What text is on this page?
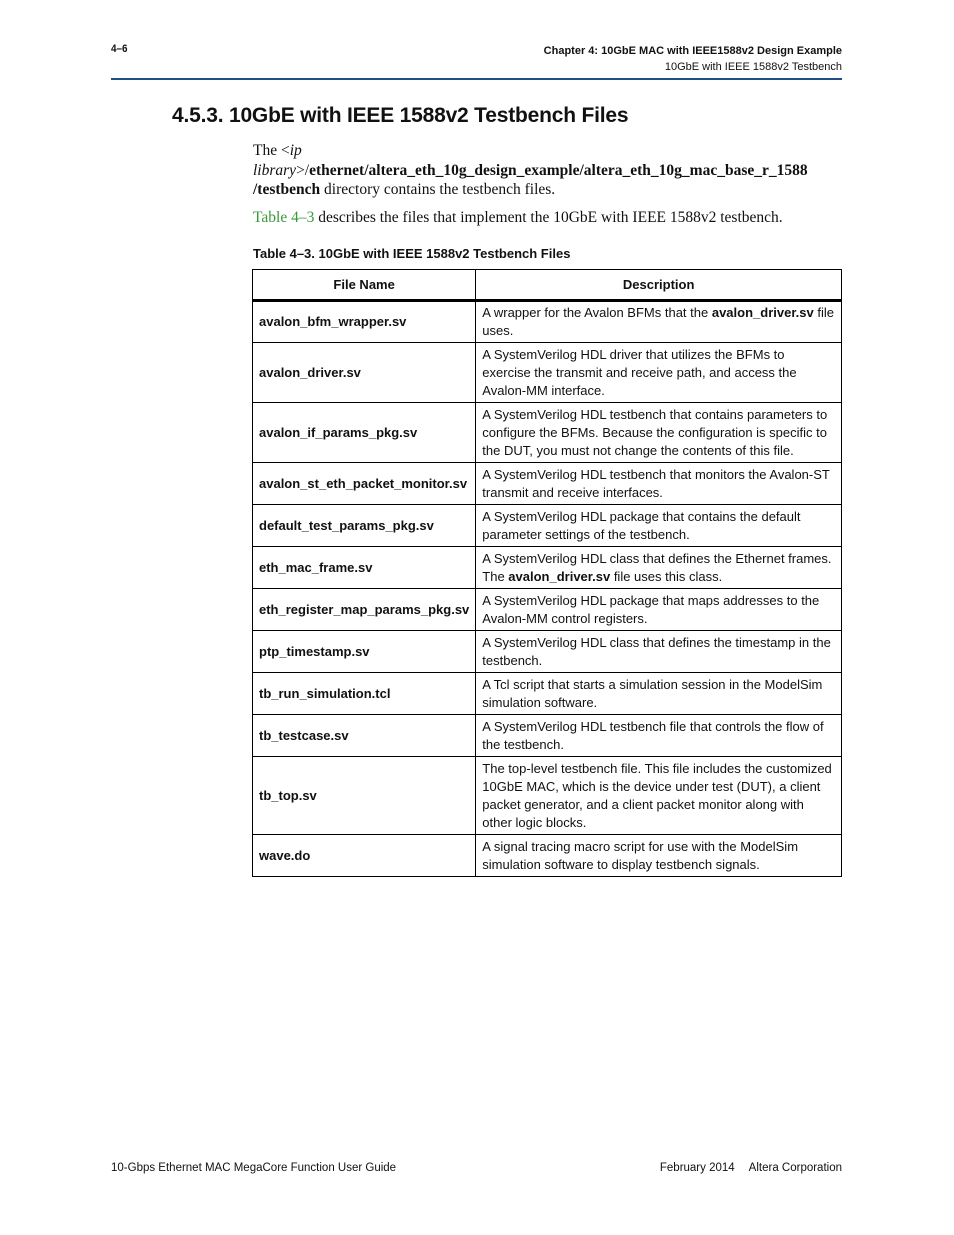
4–6	Chapter 4: 10GbE MAC with IEEE1588v2 Design Example
10GbE with IEEE 1588v2 Testbench
4.5.3. 10GbE with IEEE 1588v2 Testbench Files
The <ip library>/ethernet/altera_eth_10g_design_example/altera_eth_10g_mac_base_r_1588 /testbench directory contains the testbench files.
Table 4–3 describes the files that implement the 10GbE with IEEE 1588v2 testbench.
Table 4–3. 10GbE with IEEE 1588v2 Testbench Files
File Name	Description
avalon_bfm_wrapper.sv	A wrapper for the Avalon BFMs that the avalon_driver.sv file uses.
avalon_driver.sv	A SystemVerilog HDL driver that utilizes the BFMs to exercise the transmit and receive path, and access the Avalon-MM interface.
avalon_if_params_pkg.sv	A SystemVerilog HDL testbench that contains parameters to configure the BFMs. Because the configuration is specific to the DUT, you must not change the contents of this file.
avalon_st_eth_packet_monitor.sv	A SystemVerilog HDL testbench that monitors the Avalon-ST transmit and receive interfaces.
default_test_params_pkg.sv	A SystemVerilog HDL package that contains the default parameter settings of the testbench.
eth_mac_frame.sv	A SystemVerilog HDL class that defines the Ethernet frames. The avalon_driver.sv file uses this class.
eth_register_map_params_pkg.sv	A SystemVerilog HDL package that maps addresses to the Avalon-MM control registers.
ptp_timestamp.sv	A SystemVerilog HDL class that defines the timestamp in the testbench.
tb_run_simulation.tcl	A Tcl script that starts a simulation session in the ModelSim simulation software.
tb_testcase.sv	A SystemVerilog HDL testbench file that controls the flow of the testbench.
tb_top.sv	The top-level testbench file. This file includes the customized 10GbE MAC, which is the device under test (DUT), a client packet generator, and a client packet monitor along with other logic blocks.
wave.do	A signal tracing macro script for use with the ModelSim simulation software to display testbench signals.
10-Gbps Ethernet MAC MegaCore Function User Guide	February 2014 Altera Corporation
